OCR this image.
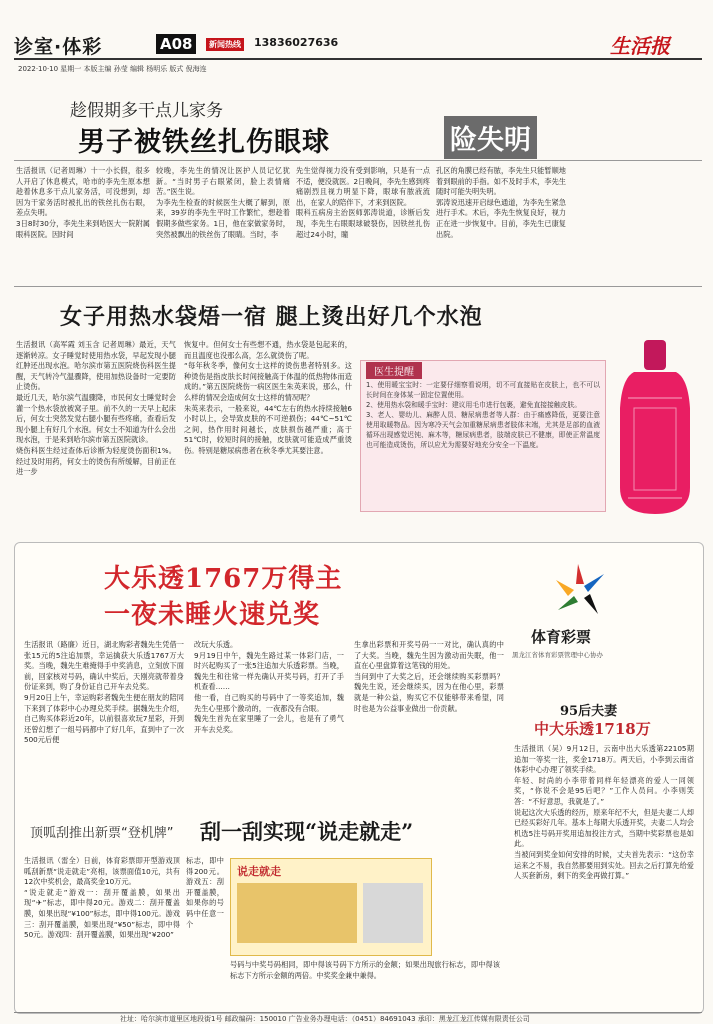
诊室·体彩	A08	新闻热线 13836027636	生活报
2022·10·10 星期一 本版主编 孙莹 编辑 杨明乐 版式 倪海连
趁假期多干点儿家务
男子被铁丝扎伤眼球	险失明
生活报讯（记者周琳）十一小长假，很多人开启了休息模式，哈市的李先生原本想趁着休息多干点儿家务活，可没想到，却因为干家务活时被扎出的铁丝扎伤右眼，差点失明。
3日8时30分，李先生来到哈医大一院附属眼科医院。因时间
较晚，李先生的情况让医护人员记忆犹新。“当时男子右眼紧闭，脸上表情痛苦。”医生说。
为李先生检查的时候医生大概了解到，原来，39岁的李先生平时工作繁忙，想趁着假期多做些家务。1日，他在家做家务时，突然被飘出的铁丝伤了眼睛。当时，李
先生觉得视力没有受到影响，只是有一点不适，便没就医。2日晚间，李先生感到疼痛剧烈且视力明显下降，眼球有脓液流出，在家人的陪伴下，才来到医院。
眼科五病房主治医师郭涛说道，诊断后发现，李先生右眼眼球破裂伤，因铁丝扎伤超过24小时，瞳
孔区的角膜已经有脓，李先生只能暂顺地着到眼前的手指。如不及时手术，李先生随时可能失明失明。
郭涛说迅速开启绿色通道，为李先生紧急进行手术。术后，李先生恢复良好，视力正在进一步恢复中。目前，李先生已康复出院。
女子用热水袋焐一宿 腿上烫出好几个水泡
生活报讯（高军霞 刘玉含 记者周琳）最近，天气逐渐转凉。女子睡觉时使用热水袋，早起发现小腿红肿还出现水泡。哈尔滨市第五医院烧伤科医生提醒，天气转冷气温骤降，使用加热设备时一定要防止烫伤。
最近几天，哈尔滨气温骤降，市民何女士睡觉时会灌一个热水袋放被窝子里。前不久的一天早上起床后，何女士突然发觉右腿小腿有些疼痛，查看后发现小腿上有好几个水泡。何女士不知道为什么会出现水泡，于是来到哈尔滨市第五医院就诊。
烧伤科医生经过查体后诊断为轻度烫伤面积1%。经过及时用药，何女士的烫伤有所缓解，目前正在进一步
恢复中。但何女士有些想不通，热水袋是包起来的，而且温度也没那么高，怎么就烫伤了呢。
“每年秋冬季，像何女士这样的烫伤患者特别多。这种烫伤是指皮肤长时间接触高于体温的低热物体而造成的。”第五医院烧伤一病区医生朱英来说，那么，什么样的情况会造成何女士这样的情况呢？
朱英来表示，一般来说，44℃左右的热水持续接触6小时以上，会导致皮肤的不可逆损伤；44℃~51℃之间，热作用时间越长，皮肤损伤越严重；高于51℃时，较短时间的接触，皮肤就可能造成严重烫伤。特别是糖尿病患者在秋冬季尤其要注意。
医生提醒
1、使用暖宝宝时：一定要仔细察看说明，切不可直接贴在皮肤上，也不可以长时间在身体某一固定位置使用。
2、使用热水袋和暖手宝时：建议用毛巾进行包裹，避免直接接触皮肤。
3、老人、婴幼儿、麻醉人员、糖尿病患者等人群：由于痛感降低，更要注意使用取暖物品。因为寒冷天气会加重糖尿病患者肢体末端，尤其是足部的血液循环出现感觉迟钝、麻木等，糖尿病患者，肢端皮肤已不健康，即使正常温度也可能造成烫伤，所以应尤为需要好地充分安全一下温度。
大乐透1767万得主
一夜未睡火速兑奖
体育彩票
黑龙江省体育彩票管理中心协办
生活报讯（路廉）近日，湖北购彩者魏先生凭借一张15元的5注追加票，幸运擒获大乐透1767万大奖。当晚，魏先生难掩得手中奖消息，立刻放下面前，回家核对号码，确认中奖后，天刚亮就带着身份证来到，购了身份证自己开车去兑奖。
9月20日上午，幸运购彩者魏先生便在朋友的陪同下来到了体彩中心办理兑奖手续。据魏先生介绍，自己购买体彩近20年，以前很喜欢玩7星彩，开到还曾幻想了一组号码都中了好几年，直到中了一次500元后便
改玩大乐透。
9月19日中午，魏先生路过某一体彩门店，一时兴起购买了一张5注追加大乐透彩票。当晚，魏先生和往常一样先确认开奖号码，打开了手机查看……
他一看，自己购买的号码中了一等奖追加，魏先生心里那个激动的，一夜都没有合眼。
魏先生首先在家里睡了一会儿，也是有了勇气开车去兑奖。
生拿出彩票和开奖号码一一对比，确认真的中了大奖。当晚，魏先生因为激动而失眠，他一直在心里盘算着这笔钱的用处。
当问到中了大奖之后，还会继续购买彩票吗？魏先生说，还会继续买，因为在他心里，彩票就是一种公益，购买它不仅能够带来希望，同时也是为公益事业做出一份贡献。	95后夫妻
中大乐透1718万
生活报讯（吴）9月12日，云南中出大乐透第22105期追加一等奖一注，奖金1718万。两天后，小李到云南省体彩中心办理了领奖手续。
年轻、时尚的小李带着同样年轻漂亮的爱人一同领奖，“你说不会是95后吧？”工作人员问。小李则笑答：“不好意思，我就是了。”
说起这次大乐透的经历，原来年纪不大，但是夫妻二人却已经买彩好几年。基本上每期大乐透开奖，夫妻二人均会机选5注号码开奖用追加投注方式，当期中奖彩票也是如此。
当被问到奖金如何安排的时候，丈夫首先表示：“这份幸运来之不易，我自然都要用到实处。回去之后打算先给爱人买套新房，剩下的奖金再做打算。”
顶呱刮推出新票“登机牌” 刮一刮实现“说走就走”
生活报讯（雷全）日前，体育彩票即开型游戏顶呱刮新票“说走就走”亮相，该票面值10元，共有12次中奖机会，最高奖金10万元。
“说走就走”游戏一：刮开覆盖膜，如果出现“✈”标志，即中得20元。游戏二：刮开覆盖膜，如果出现“¥100”标志，即中得100元。游戏三：刮开覆盖膜，如果出现“¥50”标志，即中得50元。游戏四：刮开覆盖膜，如果出现“¥200”
标志，即中得200元。游戏五：刮开覆盖膜，如果你的号码中任意一个
说走就走
号码与中奖号码相同，即中得该号码下方所示的金额；如果出现旅行标志，即中得该标志下方所示金额的两倍。中奖奖金兼中兼得。
社址：哈尔滨市道里区地段街1号 邮政编码：150010 广告业务办理电话：（0451）84691043 承印：黑龙江龙江传媒有限责任公司
